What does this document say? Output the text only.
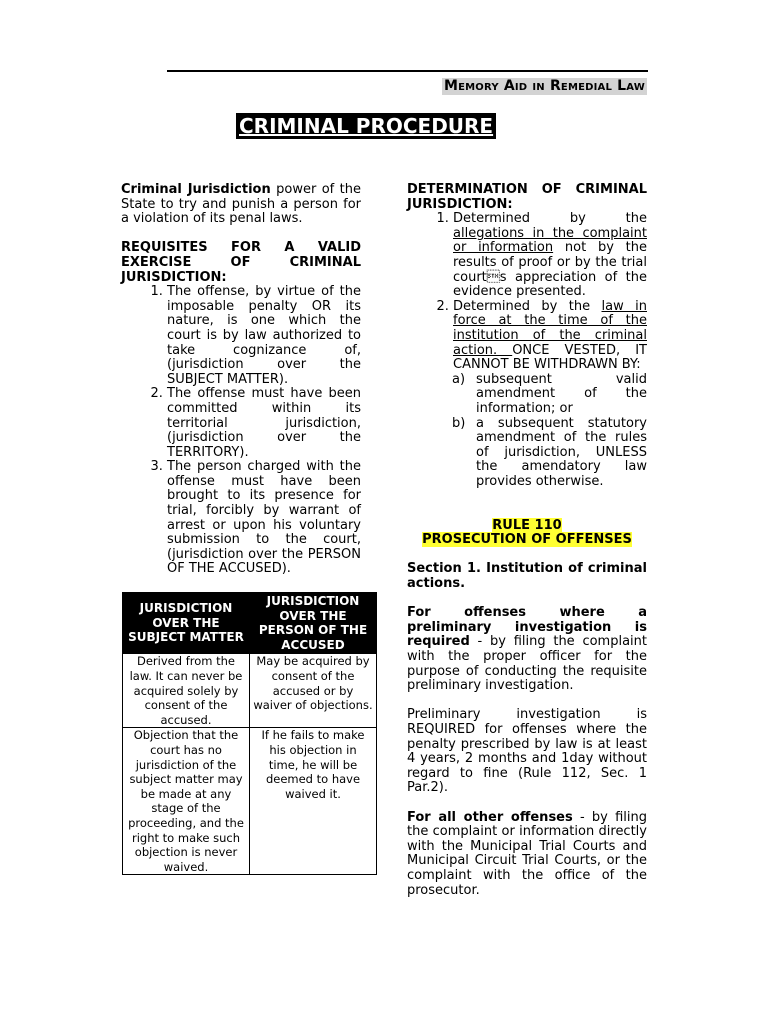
Memory Aid in Remedial Law
CRIMINAL PROCEDURE

Criminal Jurisdiction power of the State to try and punish a person for a violation of its penal laws.

REQUISITES FOR A VALID EXERCISE OF CRIMINAL JURISDICTION:

1. The offense, by virtue of the imposable penalty OR its nature, is one which the court is by law authorized to take cognizance of, (jurisdiction over the SUBJECT MATTER).
2. The offense must have been committed within its territorial jurisdiction, (jurisdiction over the TERRITORY).
3. The person charged with the offense must have been brought to its presence for trial, forcibly by warrant of arrest or upon his voluntary submission to the court, (jurisdiction over the PERSON OF THE ACCUSED).
JURISDICTION OVER THE SUBJECT MATTER	JURISDICTION OVER THE PERSON OF THE ACCUSED
Derived from the law. It can never be acquired solely by consent of the accused.	May be acquired by consent of the accused or by waiver of objections.
Objection that the court has no jurisdiction of the subject matter may be made at any stage of the proceeding, and the right to make such objection is never waived.	If he fails to make his objection in time, he will be deemed to have waived it.

DETERMINATION OF CRIMINAL JURISDICTION:

1. Determined by the allegations in the complaint or information not by the results of proof or by the trial courts appreciation of the evidence presented.
2. Determined by the law in force at the time of the institution of the criminal action. ONCE VESTED, IT CANNOT BE WITHDRAWN BY:
a) subsequent valid amendment of the information; or
b) a subsequent statutory amendment of the rules of jurisdiction, UNLESS the amendatory law provides otherwise.

RULE 110

PROSECUTION OF OFFENSES

Section 1. Institution of criminal actions.

For offenses where a preliminary investigation is required - by filing the complaint with the proper officer for the purpose of conducting the requisite preliminary investigation.

Preliminary investigation is REQUIRED for offenses where the penalty prescribed by law is at least 4 years, 2 months and 1day without regard to fine (Rule 112, Sec. 1 Par.2).

For all other offenses - by filing the complaint or information directly with the Municipal Trial Courts and Municipal Circuit Trial Courts, or the complaint with the office of the prosecutor.
